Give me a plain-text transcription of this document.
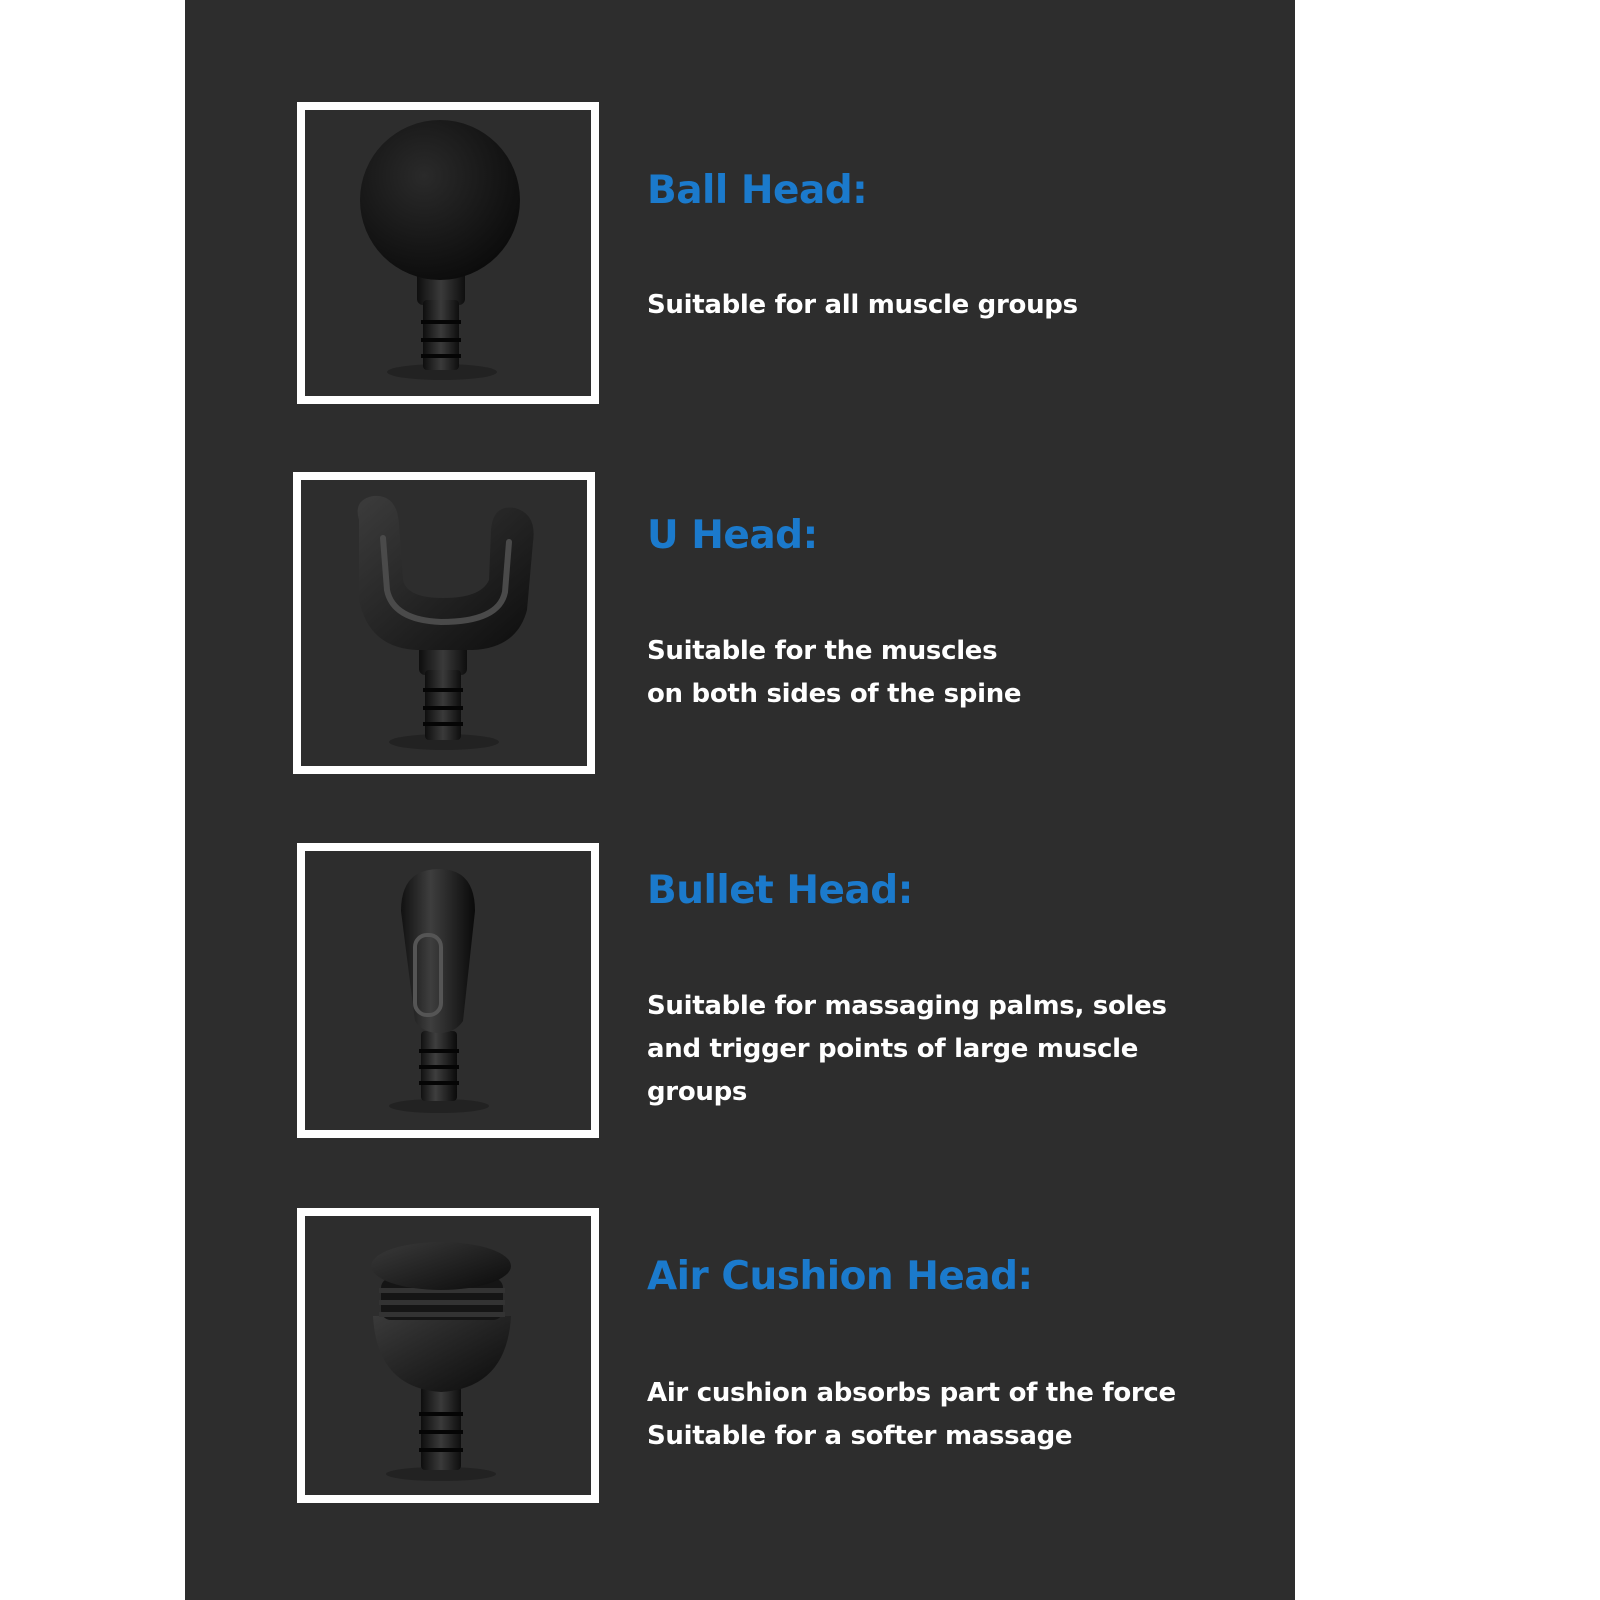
Ball Head:

Suitable for all muscle groups

U Head:

Suitable for the muscles
on both sides of the spine

Bullet Head:

Suitable for massaging palms, soles
and trigger points of large muscle
groups

Air Cushion Head:

Air cushion absorbs part of the force
Suitable for a softer massage
